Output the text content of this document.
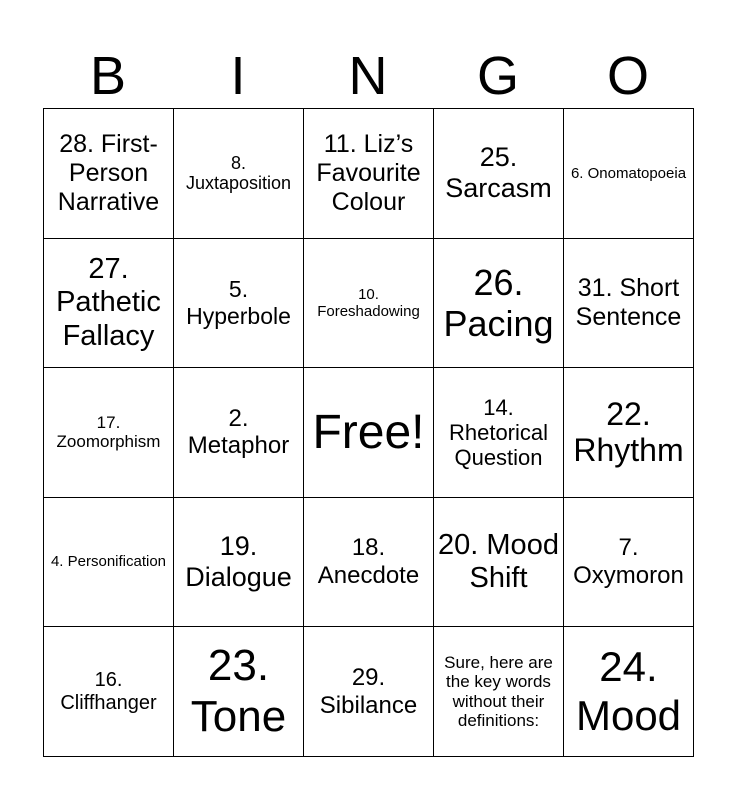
B	I	N	G	O
28. First-Person Narrative	8. Juxtaposition	11. Liz’s Favourite Colour	25. Sarcasm	6. Onomatopoeia
27. Pathetic Fallacy	5. Hyperbole	10. Foreshadowing	26. Pacing	31. Short Sentence
17. Zoomorphism	2. Metaphor	Free!	14. Rhetorical Question	22. Rhythm
4. Personification	19. Dialogue	18. Anecdote	20. Mood Shift	7. Oxymoron
16. Cliffhanger	23. Tone	29. Sibilance	Sure, here are the key words without their definitions:	24. Mood
